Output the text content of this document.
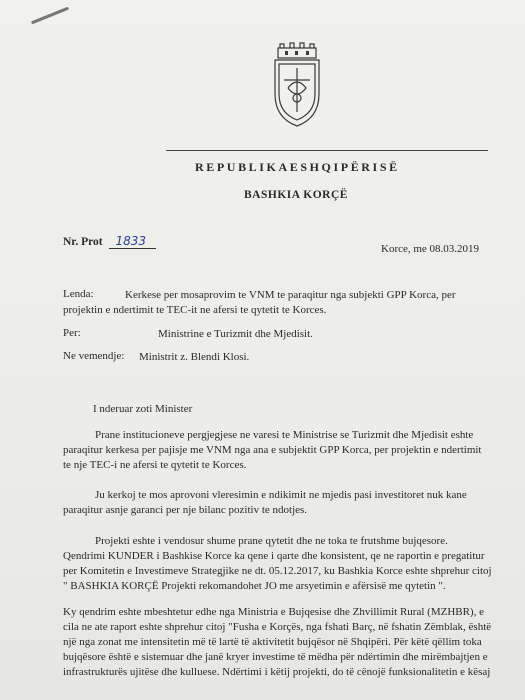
REPUBLIKAESHQIPËRISË
BASHKIA KORÇË
Nr. Prot 1833
Korce, me 08.03.2019
Lenda:	Kerkese per mosaprovim te VNM te paraqitur nga subjekti GPP Korca, per
projektin e ndertimit te TEC-it ne afersi te qytetit te Korces.
Per:	Ministrine e Turizmit dhe Mjedisit.
Ne vemendje: Ministrit z. Blendi Klosi.
I nderuar zoti Minister
Prane institucioneve pergjegjese ne varesi te Ministrise se Turizmit dhe Mjedisit eshte
paraqitur kerkesa per pajisje me VNM nga ana e subjektit GPP Korca, per projektin e ndertimit
te nje TEC-i ne afersi te qytetit te Korces.
Ju kerkoj te mos aprovoni vleresimin e ndikimit ne mjedis pasi investitoret nuk kane
paraqitur asnje garanci per nje bilanc pozitiv te ndotjes.
Projekti eshte i vendosur shume prane qytetit dhe ne toka te frutshme bujqesore.
Qendrimi KUNDER i Bashkise Korce ka qene i qarte dhe konsistent, qe ne raportin e pregatitur
per Komitetin e Investimeve Strategjike ne dt. 05.12.2017, ku Bashkia Korce eshte shprehur citoj
" BASHKIA KORÇË Projekti rekomandohet JO me arsyetimin e afërsisë me qytetin ".
Ky qendrim eshte mbeshtetur edhe nga Ministria e Bujqesise dhe Zhvillimit Rural (MZHBR), e
cila ne ate raport eshte shprehur citoj "Fusha e Korçës, nga fshati Barç, në fshatin Zëmblak, është
një nga zonat me intensitetin më të lartë të aktivitetit bujqësor në Shqipëri. Për këtë qëllim toka
bujqësore është e sistemuar dhe janë kryer investime të mëdha për ndërtimin dhe mirëmbajtjen e
infrastrukturës ujitëse dhe kulluese. Ndërtimi i këtij projekti, do të cënojë funksionalitetin e kësaj
